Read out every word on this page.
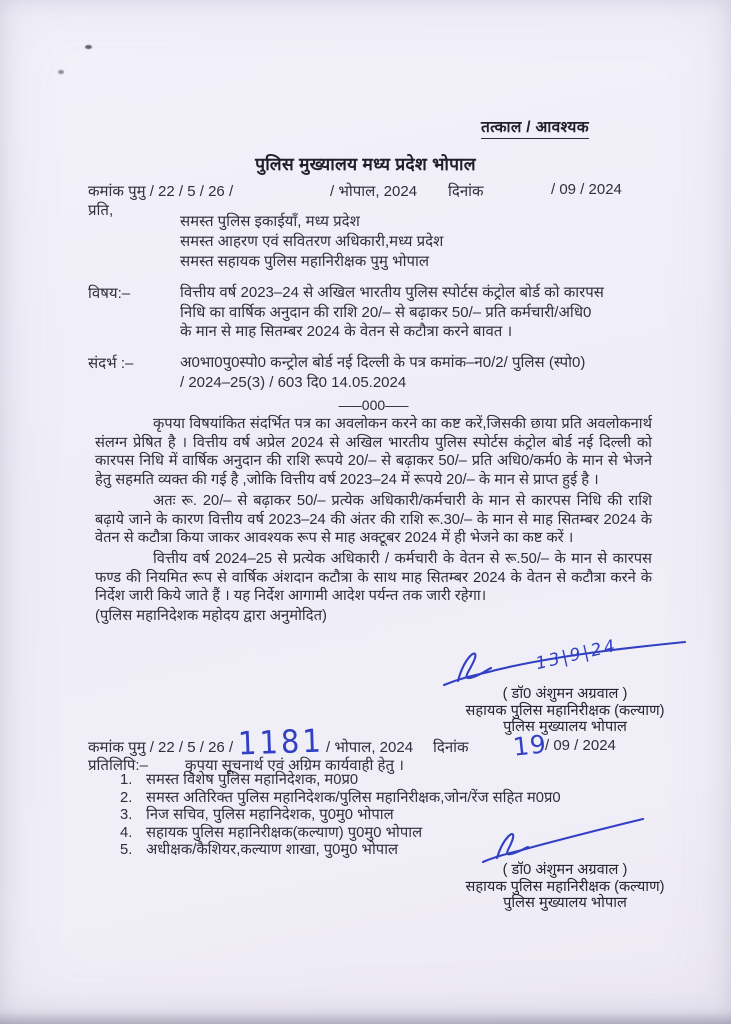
तत्काल / आवश्यक
पुलिस मुख्यालय मध्य प्रदेश भोपाल
कमांक पुमु / 22 / 5 / 26 /	/ भोपाल, 2024 दिनांक	/ 09 / 2024
प्रति,
समस्त पुलिस इकाईयॉं, मध्य प्रदेश
समस्त आहरण एवं सवितरण अधिकारी,मध्य प्रदेश
समस्त सहायक पुलिस महानिरीक्षक पुमु भोपाल
विषय:–	वित्तीय वर्ष 2023–24 से अखिल भारतीय पुलिस स्पोर्टस कंट्रोल बोर्ड को कारपस
निधि का वार्षिक अनुदान की राशि 20/– से बढ़ाकर 50/– प्रति कर्मचारी/अधि0
के मान से माह सितम्बर 2024 के वेतन से कटौत्रा करने बावत ।
संदर्भ :–	अ0भा0पु0स्पो0 कन्ट्रोल बोर्ड नई दिल्ली के पत्र कमांक–न0/2/ पुलिस (स्पो0)
/ 2024–25(3) / 603 दि0 14.05.2024
–––000–––

कृपया विषयांकित संदर्भित पत्र का अवलोकन करने का कष्ट करें,जिसकी छाया प्रति अवलोकनार्थ संलग्न प्रेषित है । वित्तीय वर्ष अप्रेल 2024 से अखिल भारतीय पुलिस स्पोर्टस कंट्रोल बोर्ड नई दिल्ली को कारपस निधि में वार्षिक अनुदान की राशि रूपये 20/– से बढ़ाकर 50/– प्रति अधि0/कर्म0 के मान से भेजने हेतु सहमति व्यक्त की गई है ,जोकि वित्तीय वर्ष 2023–24 में रूपये 20/– के मान से प्राप्त हुई है ।

अतः रू. 20/– से बढ़ाकर 50/– प्रत्येक अधिकारी/कर्मचारी के मान से कारपस निधि की राशि बढ़ाये जाने के कारण वित्तीय वर्ष 2023–24 की अंतर की राशि रू.30/– के मान से माह सितम्बर 2024 के वेतन से कटौत्रा किया जाकर आवश्यक रूप से माह अक्टूबर 2024 में ही भेजने का कष्ट करें ।

वित्तीय वर्ष 2024–25 से प्रत्येक अधिकारी / कर्मचारी के वेतन से रू.50/– के मान से कारपस फण्ड की नियमित रूप से वार्षिक अंशदान कटौत्रा के साथ माह सितम्बर 2024 के वेतन से कटौत्रा करने के निर्देश जारी किये जाते हैं । यह निर्देश आगामी आदेश पर्यन्त तक जारी रहेगा।

(पुलिस महानिदेशक महोदय द्वारा अनुमोदित)
13|9|24
( डॉ0 अंशुमन अग्रवाल )
सहायक पुलिस महानिरीक्षक (कल्याण)
पुलिस मुख्यालय भोपाल
कमांक पुमु / 22 / 5 / 26 / 1181 / भोपाल, 2024 दिनांक 19
/ 09 / 2024
प्रतिलिपि:– कृपया सूचनार्थ एवं अग्रिम कार्यवाही हेतु ।
1. समस्त विशेष पुलिस महानिदेशक, म0प्र0
2. समस्त अतिरिक्त पुलिस महानिदेशक/पुलिस महानिरीक्षक,जोन/रेंज सहित म0प्र0
3. निज सचिव, पुलिस महानिदेशक, पु0मु0 भोपाल
4. सहायक पुलिस महानिरीक्षक(कल्याण) पु0मु0 भोपाल
5. अधीक्षक/कैशियर,कल्याण शाखा, पु0मु0 भोपाल
( डॉ0 अंशुमन अग्रवाल )
सहायक पुलिस महानिरीक्षक (कल्याण)
पुलिस मुख्यालय भोपाल
